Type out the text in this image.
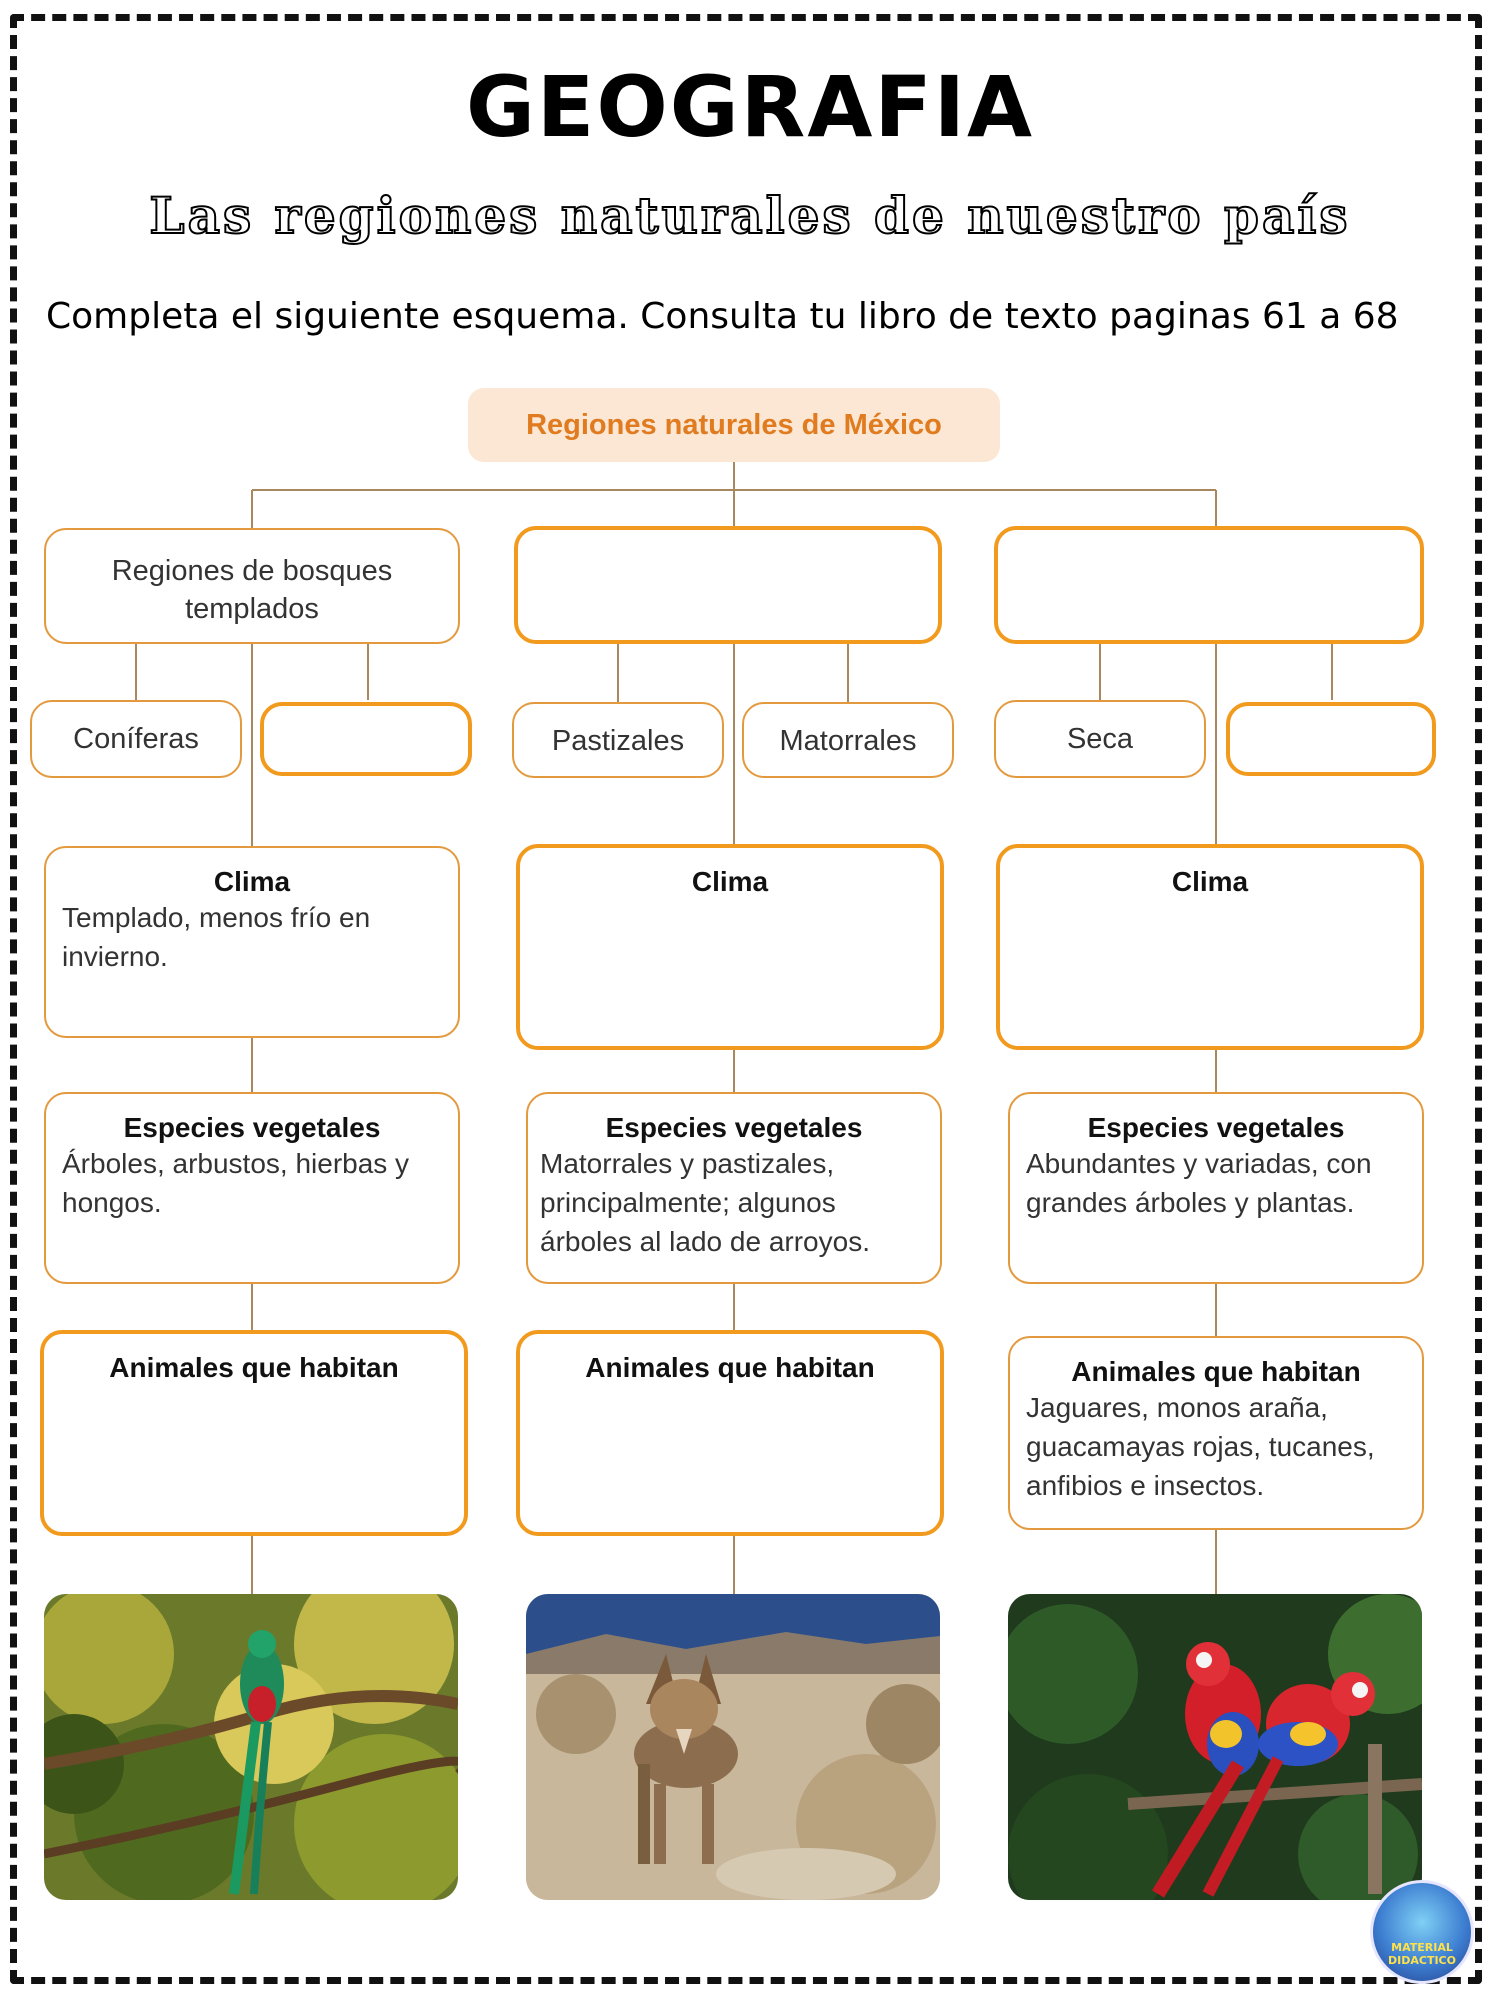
GEOGRAFIA
Las regiones naturales de nuestro país
Completa el siguiente esquema. Consulta tu libro de texto paginas 61 a 68
Regiones naturales de México
Regiones de bosques templados
Coníferas
Clima
Templado, menos frío en invierno.
Especies vegetales
Árboles, arbustos, hierbas y hongos.
Animales que habitan
Pastizales	Matorrales
Clima
Especies vegetales
Matorrales y pastizales, principalmente; algunos árboles al lado de arroyos.
Animales que habitan
Seca
Clima
Especies vegetales
Abundantes y variadas, con grandes árboles y plantas.
Animales que habitan
Jaguares, monos araña, guacamayas rojas, tucanes, anfibios e insectos.
MATERIAL DIDACTICO
